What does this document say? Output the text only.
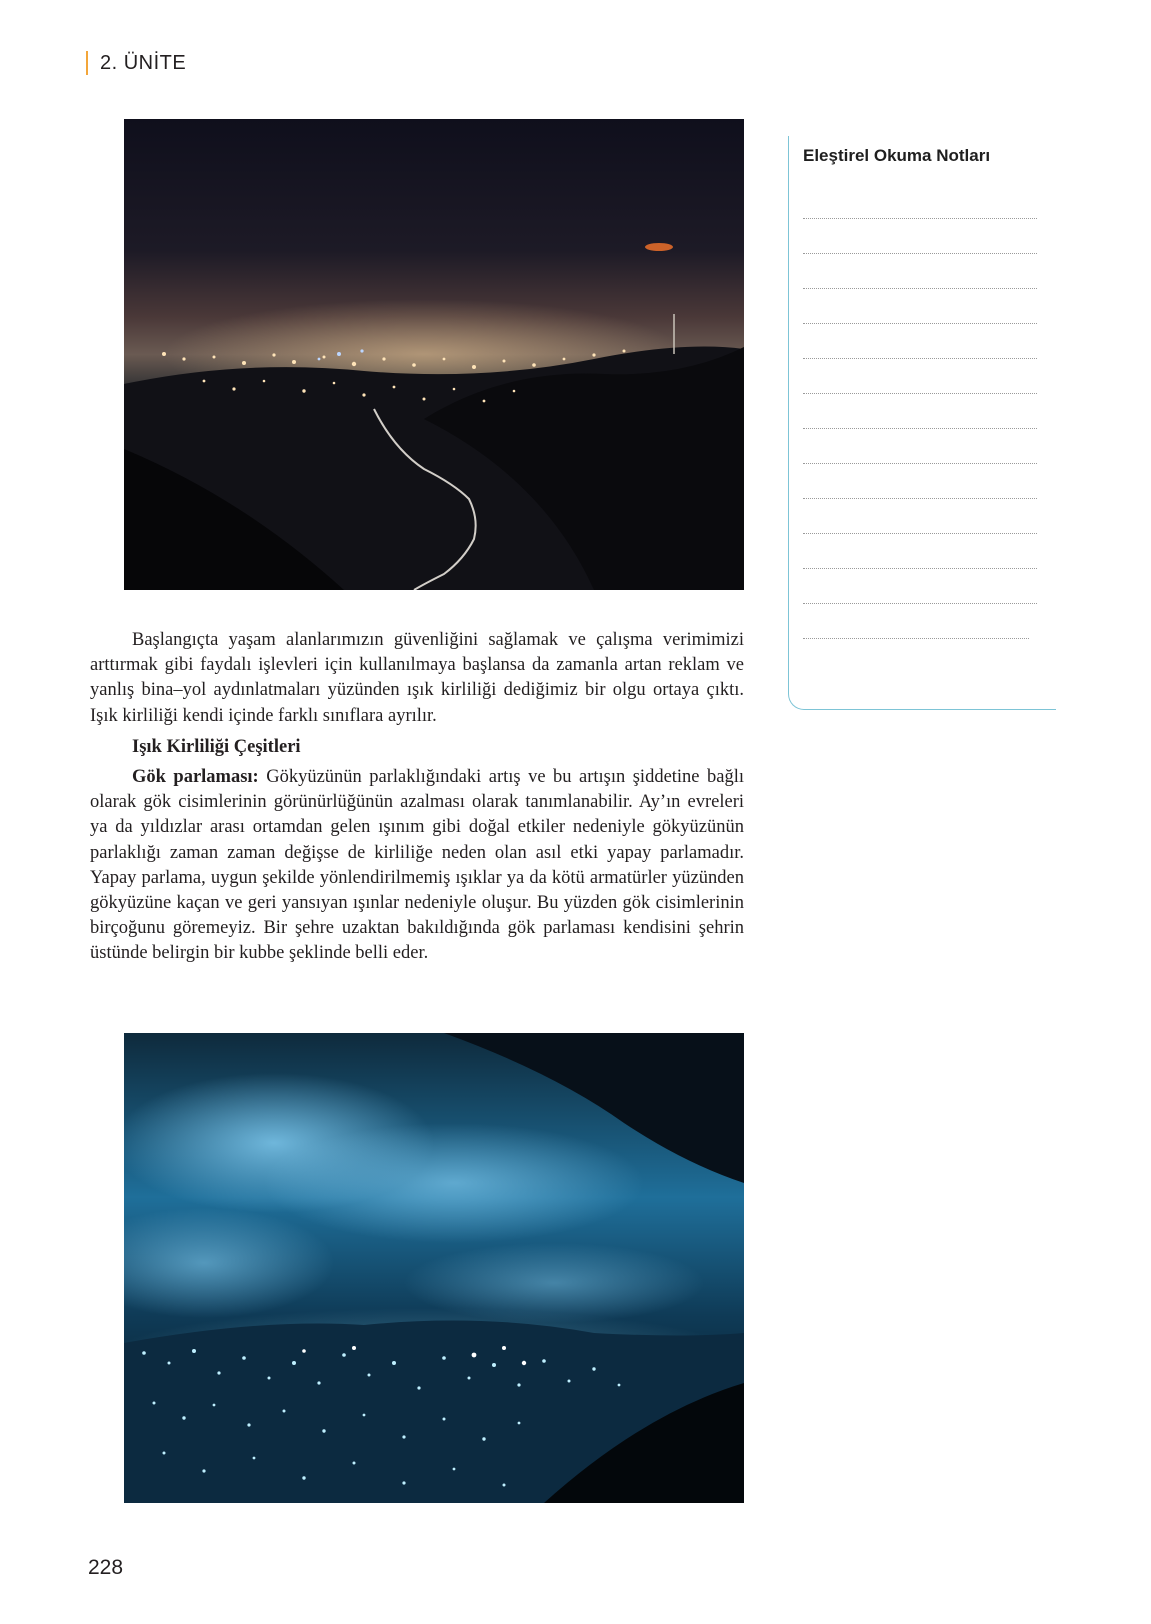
2. ÜNİTE

Başlangıçta yaşam alanlarımızın güvenliğini sağlamak ve çalışma verimimizi arttırmak gibi faydalı işlevleri için kullanılmaya başlansa da zamanla artan reklam ve yanlış bina–yol aydınlatmaları yüzünden ışık kirliliği dediğimiz bir olgu ortaya çıktı. Işık kirliliği kendi içinde farklı sınıflara ayrılır.

Işık Kirliliği Çeşitleri

Gök parlaması: Gökyüzünün parlaklığındaki artış ve bu artışın şiddetine bağlı olarak gök cisimlerinin görünürlüğünün azalması olarak tanımlanabilir. Ay’ın evreleri ya da yıldızlar arası ortamdan gelen ışınım gibi doğal etkiler nedeniyle gökyüzünün parlaklığı zaman zaman değişse de kirliliğe neden olan asıl etki yapay parlamadır. Yapay parlama, uygun şekilde yönlendirilmemiş ışıklar ya da kötü armatürler yüzünden gökyüzüne kaçan ve geri yansıyan ışınlar nedeniyle oluşur. Bu yüzden gök cisimlerinin birçoğunu göremeyiz. Bir şehre uzaktan bakıldığında gök parlaması kendisini şehrin üstünde belirgin bir kubbe şeklinde belli eder.

Eleştirel Okuma Notları
228
